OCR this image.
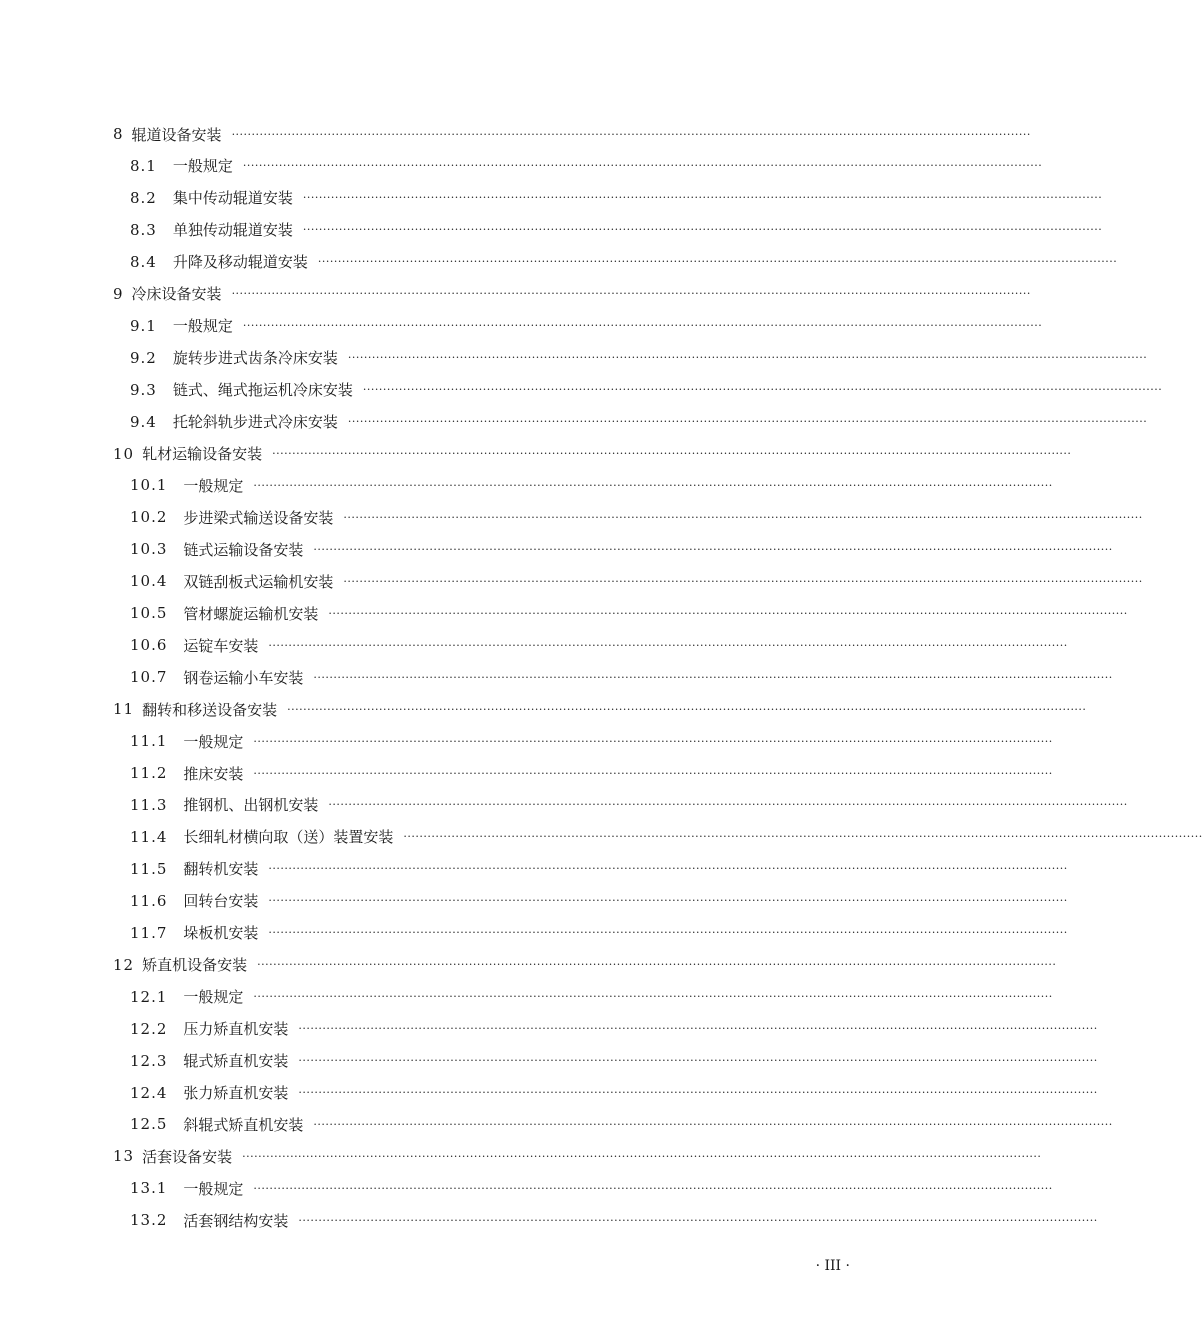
8 辊道设备安装 ········································································································································································································
8.1 一般规定 ········································································································································································································
8.2 集中传动辊道安装 ········································································································································································································
8.3 单独传动辊道安装 ········································································································································································································
8.4 升降及移动辊道安装 ········································································································································································································
9 冷床设备安装 ········································································································································································································
9.1 一般规定 ········································································································································································································
9.2 旋转步进式齿条冷床安装 ········································································································································································································
9.3 链式、绳式拖运机冷床安装 ········································································································································································································
9.4 托轮斜轨步进式冷床安装 ········································································································································································································
10 轧材运输设备安装 ········································································································································································································
10.1 一般规定 ········································································································································································································
10.2 步进梁式输送设备安装 ········································································································································································································
10.3 链式运输设备安装 ········································································································································································································
10.4 双链刮板式运输机安装 ········································································································································································································
10.5 管材螺旋运输机安装 ········································································································································································································
10.6 运锭车安装 ········································································································································································································
10.7 钢卷运输小车安装 ········································································································································································································
11 翻转和移送设备安装 ········································································································································································································
11.1 一般规定 ········································································································································································································
11.2 推床安装 ········································································································································································································
11.3 推钢机、出钢机安装 ········································································································································································································
11.4 长细轧材横向取（送）装置安装 ········································································································································································································
11.5 翻转机安装 ········································································································································································································
11.6 回转台安装 ········································································································································································································
11.7 垛板机安装 ········································································································································································································
12 矫直机设备安装 ········································································································································································································
12.1 一般规定 ········································································································································································································
12.2 压力矫直机安装 ········································································································································································································
12.3 辊式矫直机安装 ········································································································································································································
12.4 张力矫直机安装 ········································································································································································································
12.5 斜辊式矫直机安装 ········································································································································································································
13 活套设备安装 ········································································································································································································
13.1 一般规定 ········································································································································································································
13.2 活套钢结构安装 ········································································································································································································
· III ·
